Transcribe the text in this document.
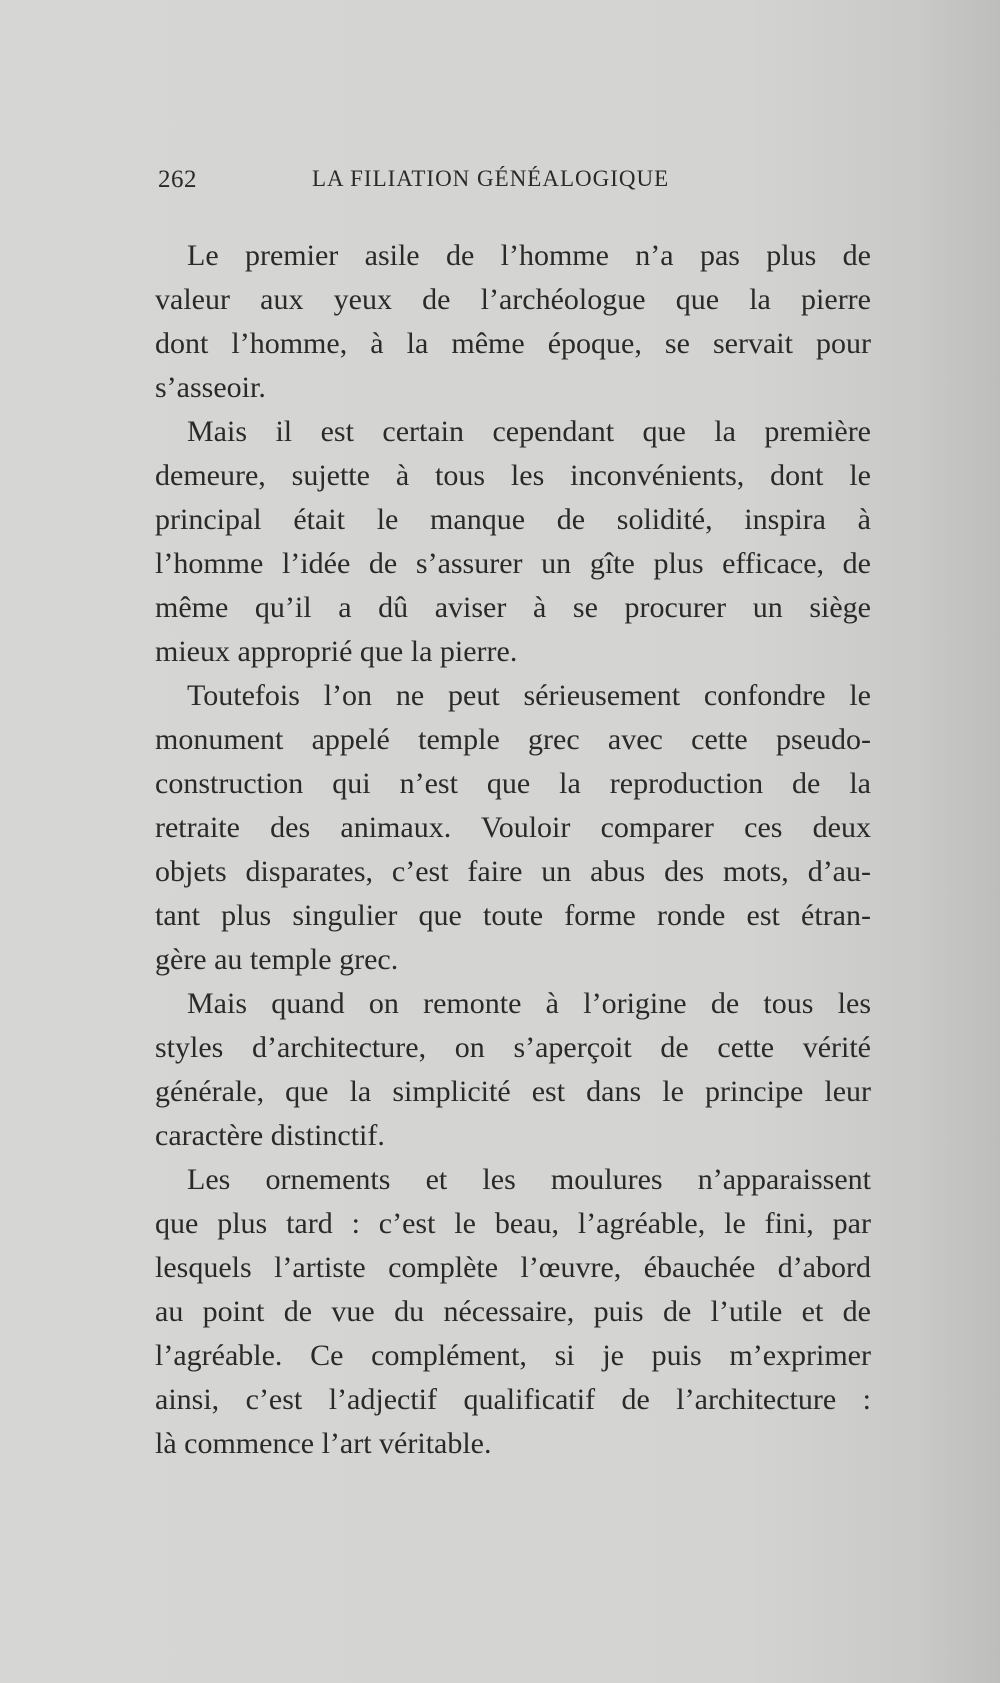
262	LA FILIATION GÉNÉALOGIQUE
Le premier asile de l’homme n’a pas plus de
valeur aux yeux de l’archéologue que la pierre
dont l’homme, à la même époque, se servait pour
s’asseoir.
Mais il est certain cependant que la première
demeure, sujette à tous les inconvénients, dont le
principal était le manque de solidité, inspira à
l’homme l’idée de s’assurer un gîte plus efficace, de
même qu’il a dû aviser à se procurer un siège
mieux approprié que la pierre.
Toutefois l’on ne peut sérieusement confondre le
monument appelé temple grec avec cette pseudo-
construction qui n’est que la reproduction de la
retraite des animaux. Vouloir comparer ces deux
objets disparates, c’est faire un abus des mots, d’au-
tant plus singulier que toute forme ronde est étran-
gère au temple grec.
Mais quand on remonte à l’origine de tous les
styles d’architecture, on s’aperçoit de cette vérité
générale, que la simplicité est dans le principe leur
caractère distinctif.
Les ornements et les moulures n’apparaissent
que plus tard : c’est le beau, l’agréable, le fini, par
lesquels l’artiste complète l’œuvre, ébauchée d’abord
au point de vue du nécessaire, puis de l’utile et de
l’agréable. Ce complément, si je puis m’exprimer
ainsi, c’est l’adjectif qualificatif de l’architecture :
là commence l’art véritable.
